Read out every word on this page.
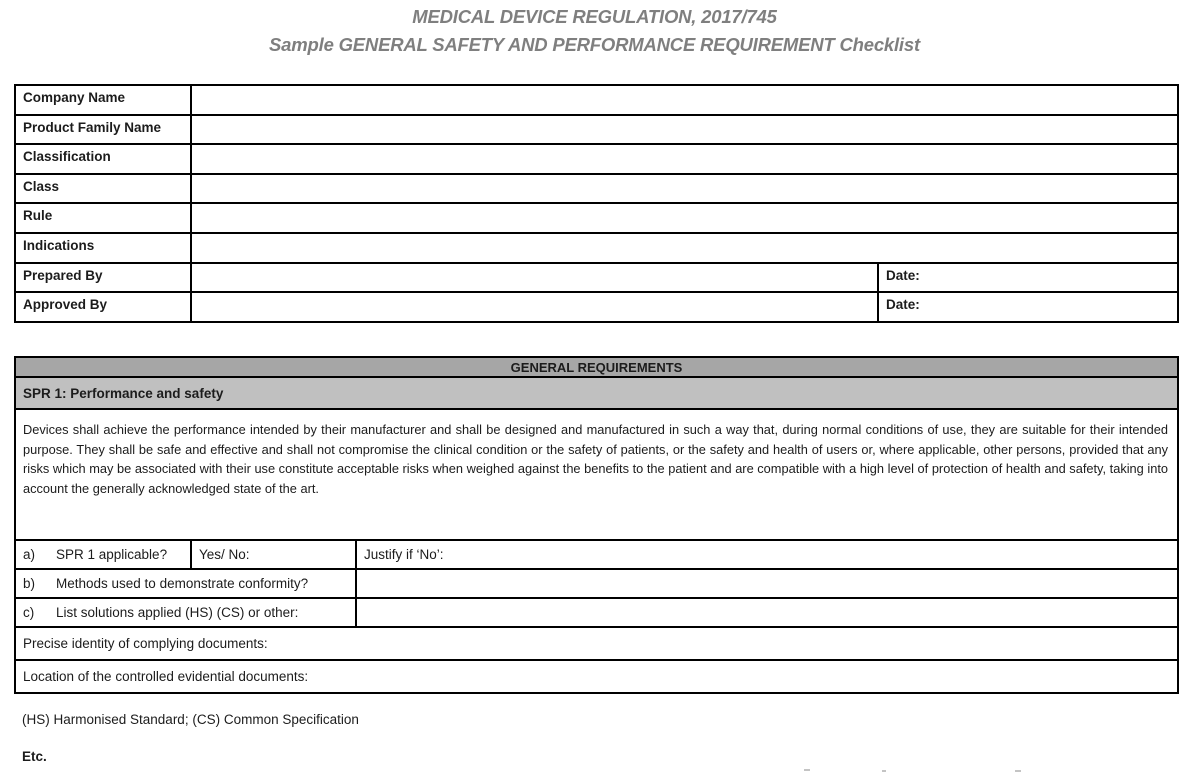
MEDICAL DEVICE REGULATION, 2017/745
Sample GENERAL SAFETY AND PERFORMANCE REQUIREMENT Checklist
Company Name		
Product Family Name		
Classification		
Class		
Rule		
Indications		
Prepared By		Date:
Approved By		Date:
GENERAL REQUIREMENTS		
SPR 1: Performance and safety		

Devices shall achieve the performance intended by their manufacturer and shall be designed and manufactured in such a way that, during normal conditions of use, they are suitable for their intended purpose. They shall be safe and effective and shall not compromise the clinical condition or the safety of patients, or the safety and health of users or, where applicable, other persons, provided that any risks which may be associated with their use constitute acceptable risks when weighed against the benefits to the patient and are compatible with a high level of protection of health and safety, taking into account the generally acknowledged state of the art.		

a) SPR 1 applicable?	Yes/ No:	Justify if ‘No’:
b) Methods used to demonstrate conformity?		
c) List solutions applied (HS) (CS) or other:		
Precise identity of complying documents:		
Location of the controlled evidential documents:		
(HS) Harmonised Standard; (CS) Common Specification
Etc.
